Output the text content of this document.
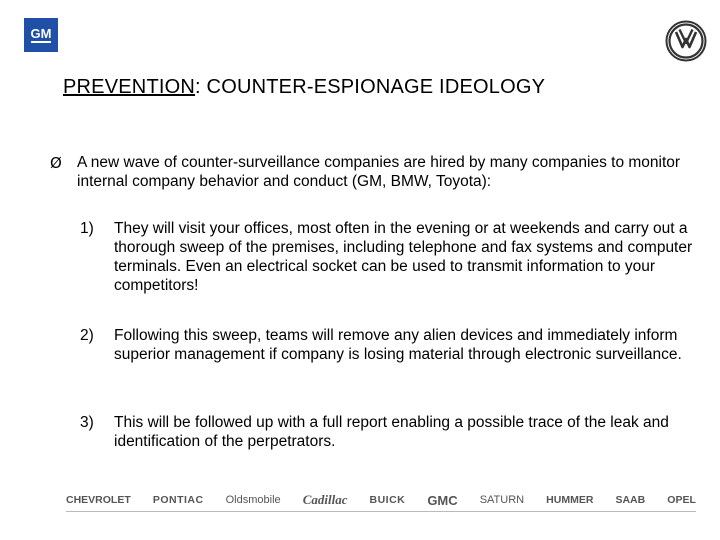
GM
PREVENTION: COUNTER-ESPIONAGE IDEOLOGY
Ø A new wave of counter-surveillance companies are hired by many companies to monitor internal company behavior and conduct (GM, BMW, Toyota):
1) They will visit your offices, most often in the evening or at weekends and carry out a thorough sweep of the premises, including telephone and fax systems and computer terminals. Even an electrical socket can be used to transmit information to your competitors!
2) Following this sweep, teams will remove any alien devices and immediately inform superior management if company is losing material through electronic surveillance.
3) This will be followed up with a full report enabling a possible trace of the leak and identification of the perpetrators.
CHEVROLET PONTIAC Oldsmobile Cadillac BUICK GMC SATURN HUMMER SAAB OPEL
